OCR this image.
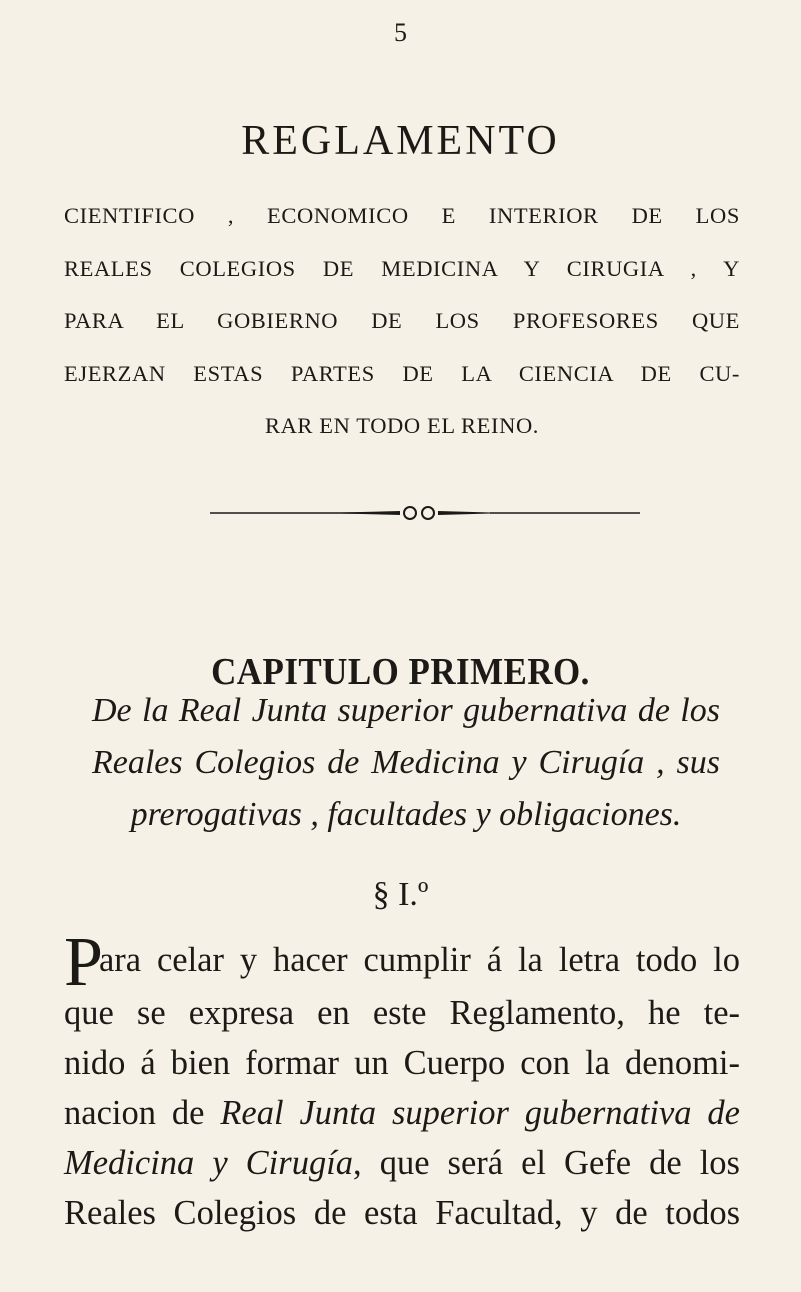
5
REGLAMENTO
CIENTIFICO , ECONOMICO E INTERIOR DE LOS
REALES COLEGIOS DE MEDICINA Y CIRUGIA , Y
PARA EL GOBIERNO DE LOS PROFESORES QUE
EJERZAN ESTAS PARTES DE LA CIENCIA DE CU-
RAR EN TODO EL REINO.
CAPITULO PRIMERO.
De la Real Junta superior gubernativa de los
Reales Colegios de Medicina y Cirugía , sus
prerogativas , facultades y obligaciones.
§ I.º
Para celar y hacer cumplir á la letra todo lo
que se expresa en este Reglamento, he te-
nido á bien formar un Cuerpo con la denomi-
nacion de Real Junta superior gubernativa de
Medicina y Cirugía, que será el Gefe de los
Reales Colegios de esta Facultad, y de todos
